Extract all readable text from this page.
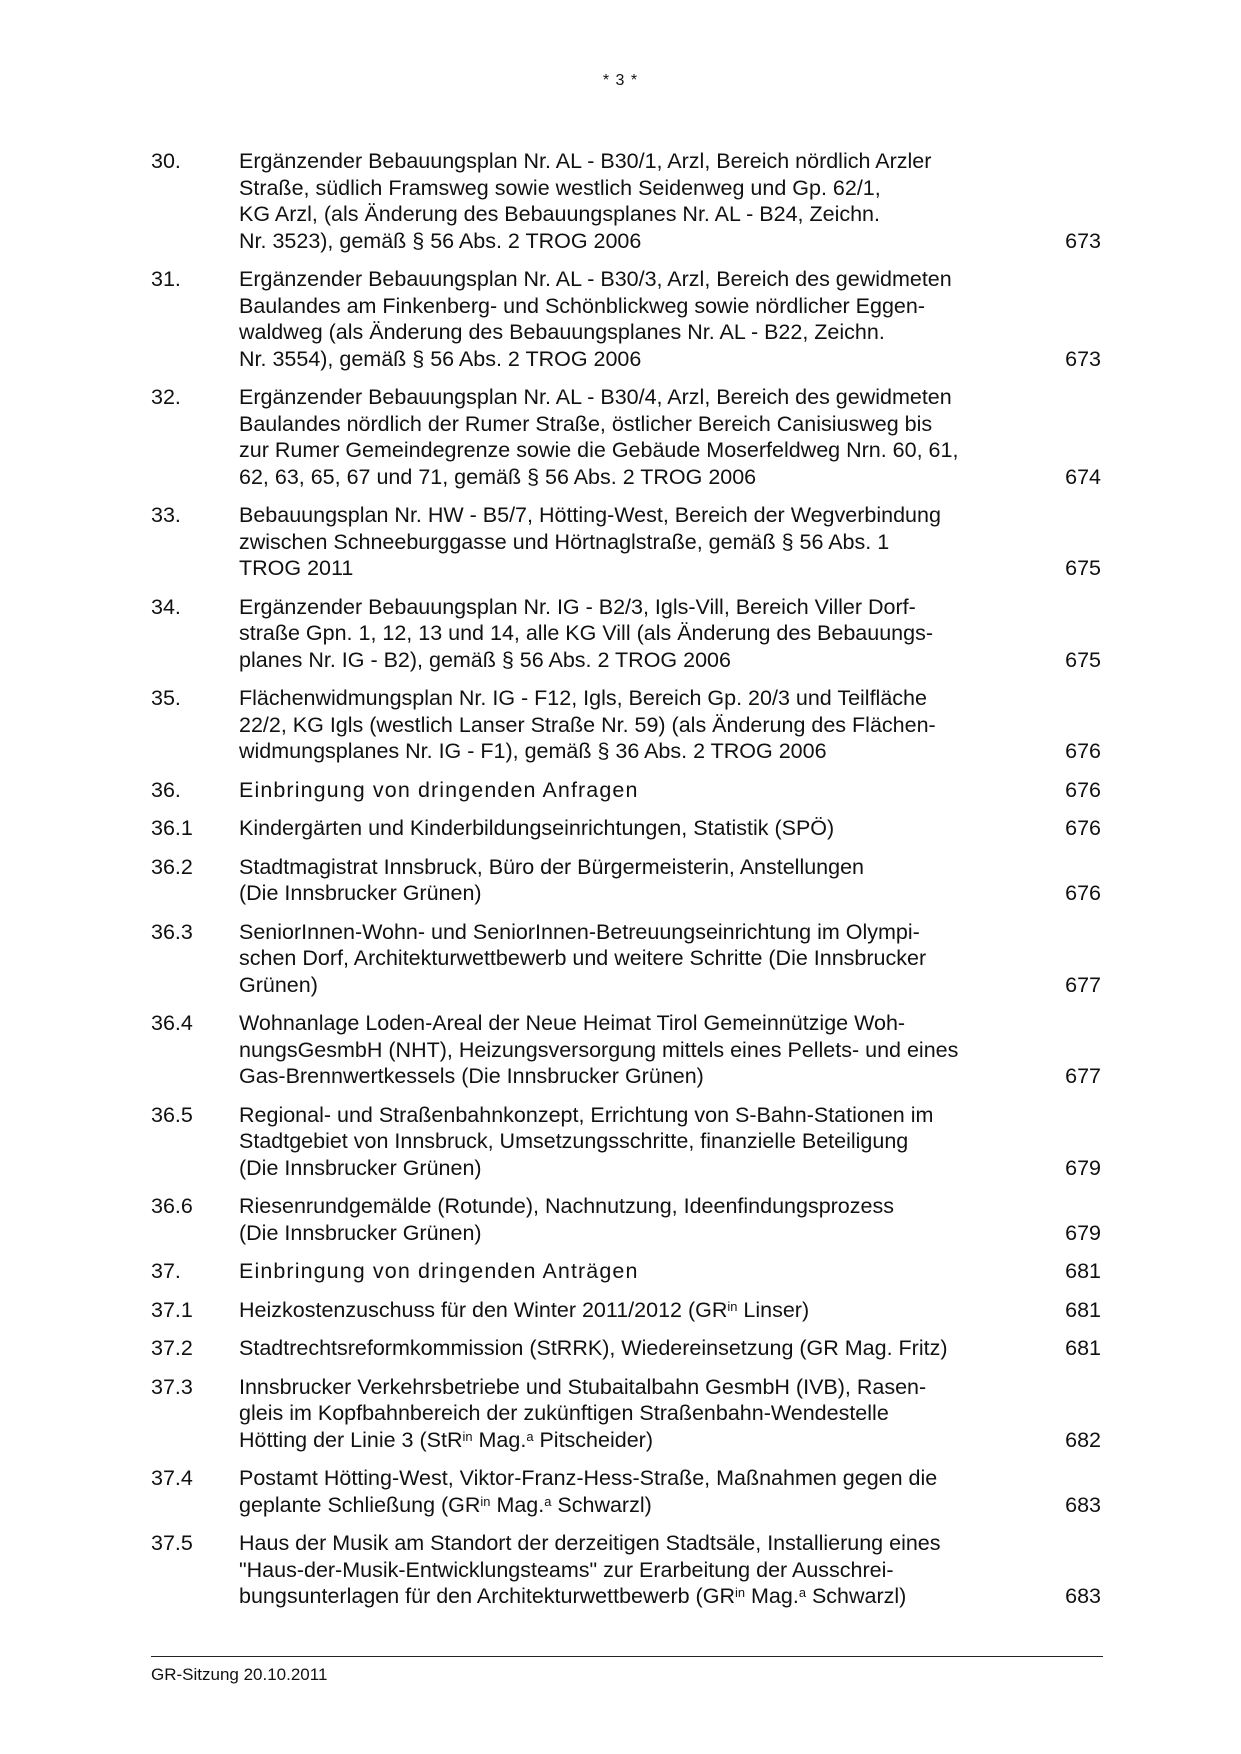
* 3 *
30.	Ergänzender Bebauungsplan Nr. AL - B30/1, Arzl, Bereich nördlich Arzler
Straße, südlich Framsweg sowie westlich Seidenweg und Gp. 62/1,
KG Arzl, (als Änderung des Bebauungsplanes Nr. AL - B24, Zeichn.
Nr. 3523), gemäß § 56 Abs. 2 TROG 2006	673
31.	Ergänzender Bebauungsplan Nr. AL - B30/3, Arzl, Bereich des gewidmeten
Baulandes am Finkenberg- und Schönblickweg sowie nördlicher Eggen-
waldweg (als Änderung des Bebauungsplanes Nr. AL - B22, Zeichn.
Nr. 3554), gemäß § 56 Abs. 2 TROG 2006	673
32.	Ergänzender Bebauungsplan Nr. AL - B30/4, Arzl, Bereich des gewidmeten
Baulandes nördlich der Rumer Straße, östlicher Bereich Canisiusweg bis
zur Rumer Gemeindegrenze sowie die Gebäude Moserfeldweg Nrn. 60, 61,
62, 63, 65, 67 und 71, gemäß § 56 Abs. 2 TROG 2006	674
33.	Bebauungsplan Nr. HW - B5/7, Hötting-West, Bereich der Wegverbindung
zwischen Schneeburggasse und Hörtnaglstraße, gemäß § 56 Abs. 1
TROG 2011	675
34.	Ergänzender Bebauungsplan Nr. IG - B2/3, Igls-Vill, Bereich Viller Dorf-
straße Gpn. 1, 12, 13 und 14, alle KG Vill (als Änderung des Bebauungs-
planes Nr. IG - B2), gemäß § 56 Abs. 2 TROG 2006	675
35.	Flächenwidmungsplan Nr. IG - F12, Igls, Bereich Gp. 20/3 und Teilfläche
22/2, KG Igls (westlich Lanser Straße Nr. 59) (als Änderung des Flächen-
widmungsplanes Nr. IG - F1), gemäß § 36 Abs. 2 TROG 2006	676
36.	Einbringung von dringenden Anfragen	676
36.1 Kindergärten und Kinderbildungseinrichtungen, Statistik (SPÖ)	676
36.2 Stadtmagistrat Innsbruck, Büro der Bürgermeisterin, Anstellungen
(Die Innsbrucker Grünen)	676
36.3 SeniorInnen-Wohn- und SeniorInnen-Betreuungseinrichtung im Olympi-
schen Dorf, Architekturwettbewerb und weitere Schritte (Die Innsbrucker
Grünen)	677
36.4 Wohnanlage Loden-Areal der Neue Heimat Tirol Gemeinnützige Woh-
nungsGesmbH (NHT), Heizungsversorgung mittels eines Pellets- und eines
Gas-Brennwertkessels (Die Innsbrucker Grünen)	677
36.5 Regional- und Straßenbahnkonzept, Errichtung von S-Bahn-Stationen im
Stadtgebiet von Innsbruck, Umsetzungsschritte, finanzielle Beteiligung
(Die Innsbrucker Grünen)	679
36.6 Riesenrundgemälde (Rotunde), Nachnutzung, Ideenfindungsprozess
(Die Innsbrucker Grünen)	679
37.	Einbringung von dringenden Anträgen	681
37.1 Heizkostenzuschuss für den Winter 2011/2012 ($GR^{in}$ Linser)	681
37.2 Stadtrechtsreformkommission (StRRK), Wiedereinsetzung (GR Mag. Fritz)	681
37.3 Innsbrucker Verkehrsbetriebe und Stubaitalbahn GesmbH (IVB), Rasen-
gleis im Kopfbahnbereich der zukünftigen Straßenbahn-Wendestelle
Hötting der Linie 3 (StR$^{in}$ Mag.$^a$ Pitscheider)	682
37.4 Postamt Hötting-West, Viktor-Franz-Hess-Straße, Maßnahmen gegen die
geplante Schließung ($GR^{in}$ Mag.$^a$ Schwarzl)	683
37.5 Haus der Musik am Standort der derzeitigen Stadtsäle, Installierung eines
"Haus-der-Musik-Entwicklungsteams" zur Erarbeitung der Ausschrei-
bungsunterlagen für den Architekturwettbewerb ($GR^{in}$ Mag.$^a$ Schwarzl)	683
GR-Sitzung 20.10.2011
